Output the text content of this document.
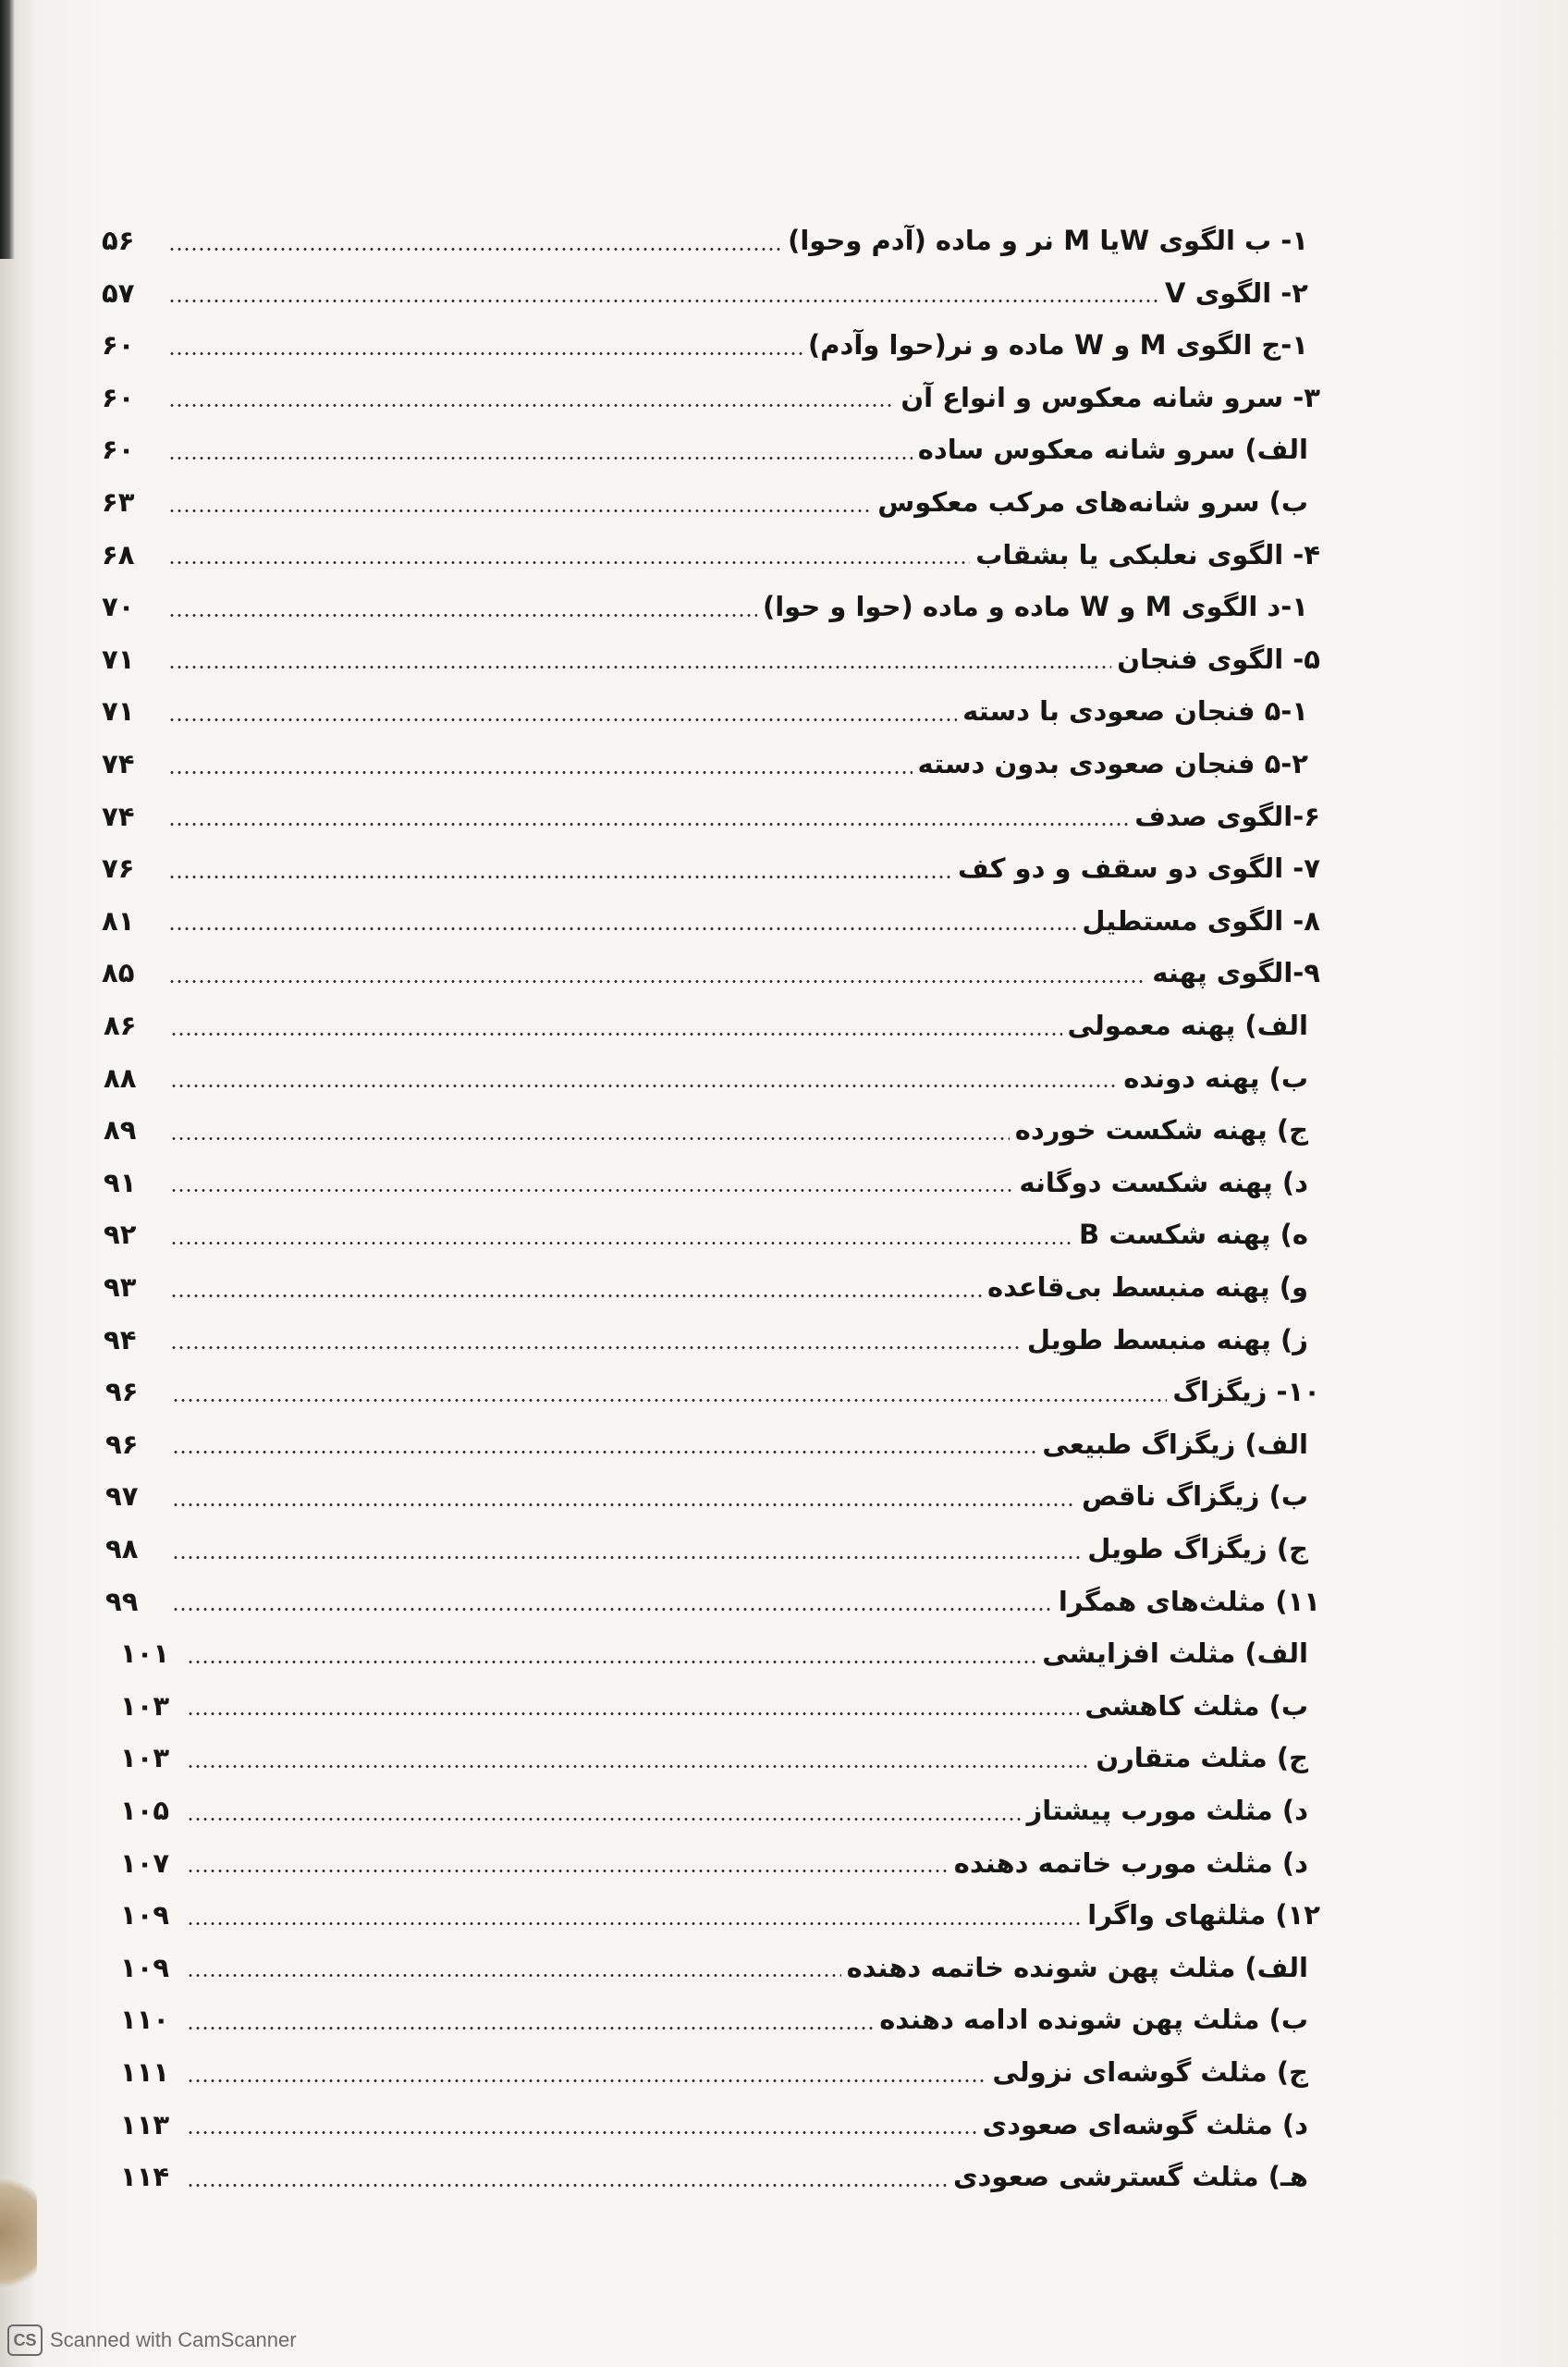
۱- ب الگوی Wیا M نر و ماده (آدم وحوا)
۵۶
۲- الگوی V
۵۷
۱-ج الگوی M و W ماده و نر(حوا وآدم)
۶۰
۳- سرو شانه معکوس و انواع آن
۶۰
الف) سرو شانه معکوس ساده
۶۰
ب) سرو شانه‌های مرکب معکوس
۶۳
۴- الگوی نعلبکی یا بشقاب
۶۸
۱-د الگوی M و W ماده و ماده (حوا و حوا)
۷۰
۵- الگوی فنجان
۷۱
۵-۱ فنجان صعودی با دسته
۷۱
۵-۲ فنجان صعودی بدون دسته
۷۴
۶-الگوی صدف
۷۴
۷- الگوی دو سقف و دو کف
۷۶
۸- الگوی مستطیل
۸۱
۹-الگوی پهنه
۸۵
الف) پهنه معمولی
۸۶
ب) پهنه دونده
۸۸
ج) پهنه شکست خورده
۸۹
د) پهنه شکست دوگانه
۹۱
ه) پهنه شکست B
۹۲
و) پهنه منبسط بی‌قاعده
۹۳
ز) پهنه منبسط طویل
۹۴
۱۰- زیگزاگ
۹۶
الف) زیگزاگ طبیعی
۹۶
ب) زیگزاگ ناقص
۹۷
ج) زیگزاگ طویل
۹۸
۱۱) مثلث‌های همگرا
۹۹
الف) مثلث افزایشی
۱۰۱
ب) مثلث کاهشی
۱۰۳
ج) مثلث متقارن
۱۰۳
د) مثلث مورب پیشتاز
۱۰۵
د) مثلث مورب خاتمه دهنده
۱۰۷
۱۲) مثلثهای واگرا
۱۰۹
الف) مثلث پهن شونده خاتمه دهنده
۱۰۹
ب) مثلث پهن شونده ادامه دهنده
۱۱۰
ج) مثلث گوشه‌ای نزولی
۱۱۱
د) مثلث گوشه‌ای صعودی
۱۱۳
هـ) مثلث گسترشی صعودی
۱۱۴
CS Scanned with CamScanner
